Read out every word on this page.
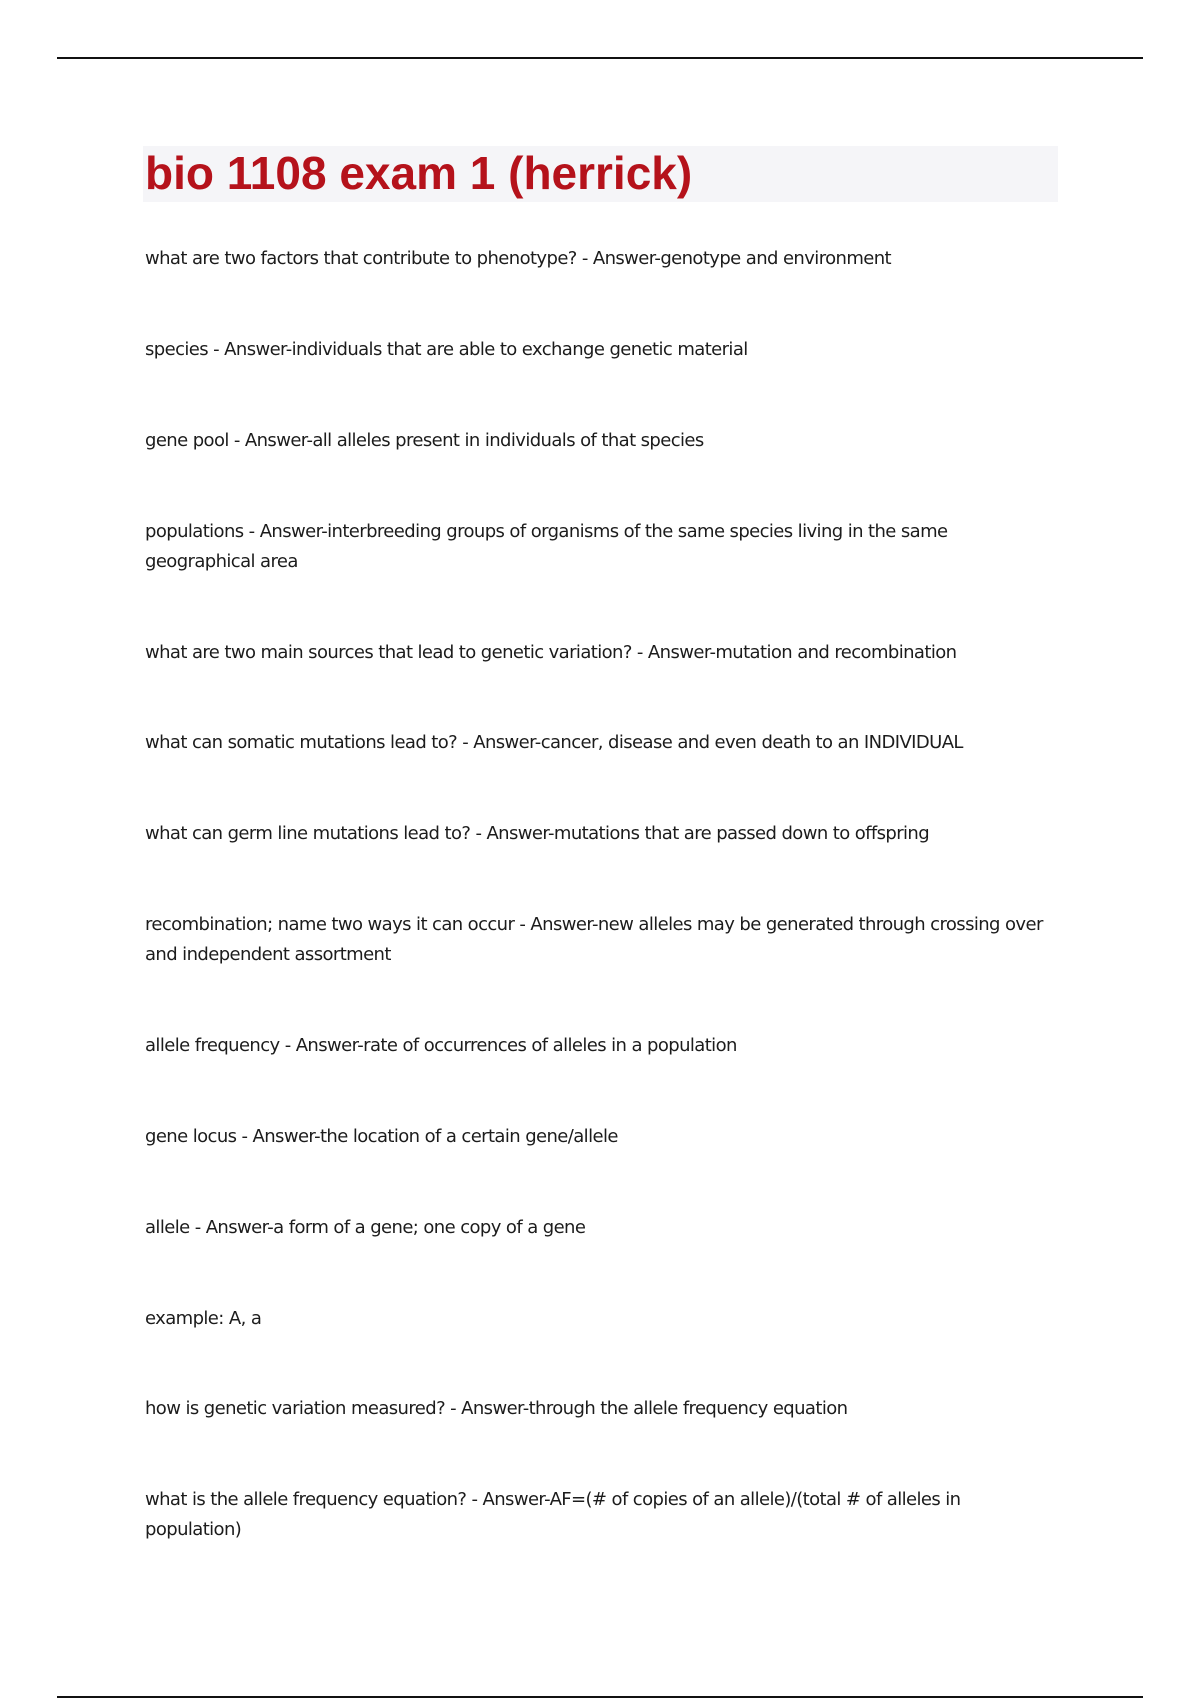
bio 1108 exam 1 (herrick)

what are two factors that contribute to phenotype? - Answer-genotype and environment

species - Answer-individuals that are able to exchange genetic material

gene pool - Answer-all alleles present in individuals of that species

populations - Answer-interbreeding groups of organisms of the same species living in the same geographical area

what are two main sources that lead to genetic variation? - Answer-mutation and recombination

what can somatic mutations lead to? - Answer-cancer, disease and even death to an INDIVIDUAL

what can germ line mutations lead to? - Answer-mutations that are passed down to offspring

recombination; name two ways it can occur - Answer-new alleles may be generated through crossing over and independent assortment

allele frequency - Answer-rate of occurrences of alleles in a population

gene locus - Answer-the location of a certain gene/allele

allele - Answer-a form of a gene; one copy of a gene

example: A, a

how is genetic variation measured? - Answer-through the allele frequency equation

what is the allele frequency equation? - Answer-AF=(# of copies of an allele)/(total # of alleles in population)
